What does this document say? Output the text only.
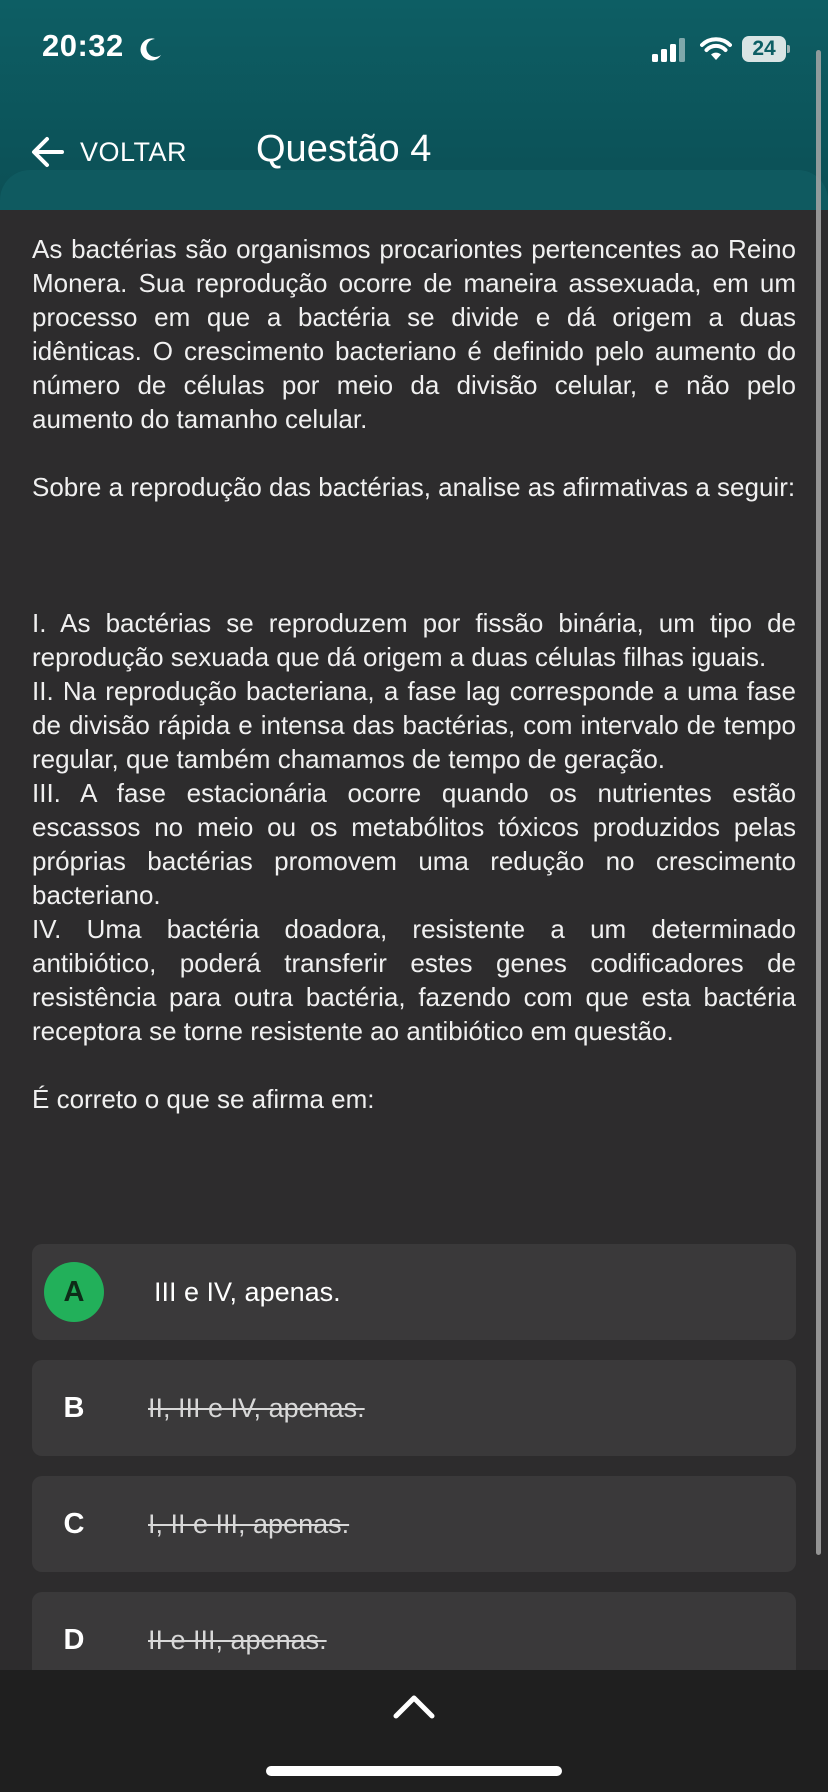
20:32	24
VOLTAR Questão 4

As bactérias são organismos procariontes pertencentes ao Reino Monera. Sua reprodução ocorre de maneira assexuada, em um processo em que a bactéria se divide e dá origem a duas idênticas. O crescimento bacteriano é definido pelo aumento do número de células por meio da divisão celular, e não pelo aumento do tamanho celular.

Sobre a reprodução das bactérias, analise as afirmativas a seguir:

I. As bactérias se reproduzem por fissão binária, um tipo de reprodução sexuada que dá origem a duas células filhas iguais.

II. Na reprodução bacteriana, a fase lag corresponde a uma fase de divisão rápida e intensa das bactérias, com intervalo de tempo regular, que também chamamos de tempo de geração.

III. A fase estacionária ocorre quando os nutrientes estão escassos no meio ou os metabólitos tóxicos produzidos pelas próprias bactérias promovem uma redução no crescimento bacteriano.

IV. Uma bactéria doadora, resistente a um determinado antibiótico, poderá transferir estes genes codificadores de resistência para outra bactéria, fazendo com que esta bactéria receptora se torne resistente ao antibiótico em questão.

É correto o que se afirma em:

A	III e IV, apenas.
B	II, III e IV, apenas.
C	I, II e III, apenas.
D	II e III, apenas.
